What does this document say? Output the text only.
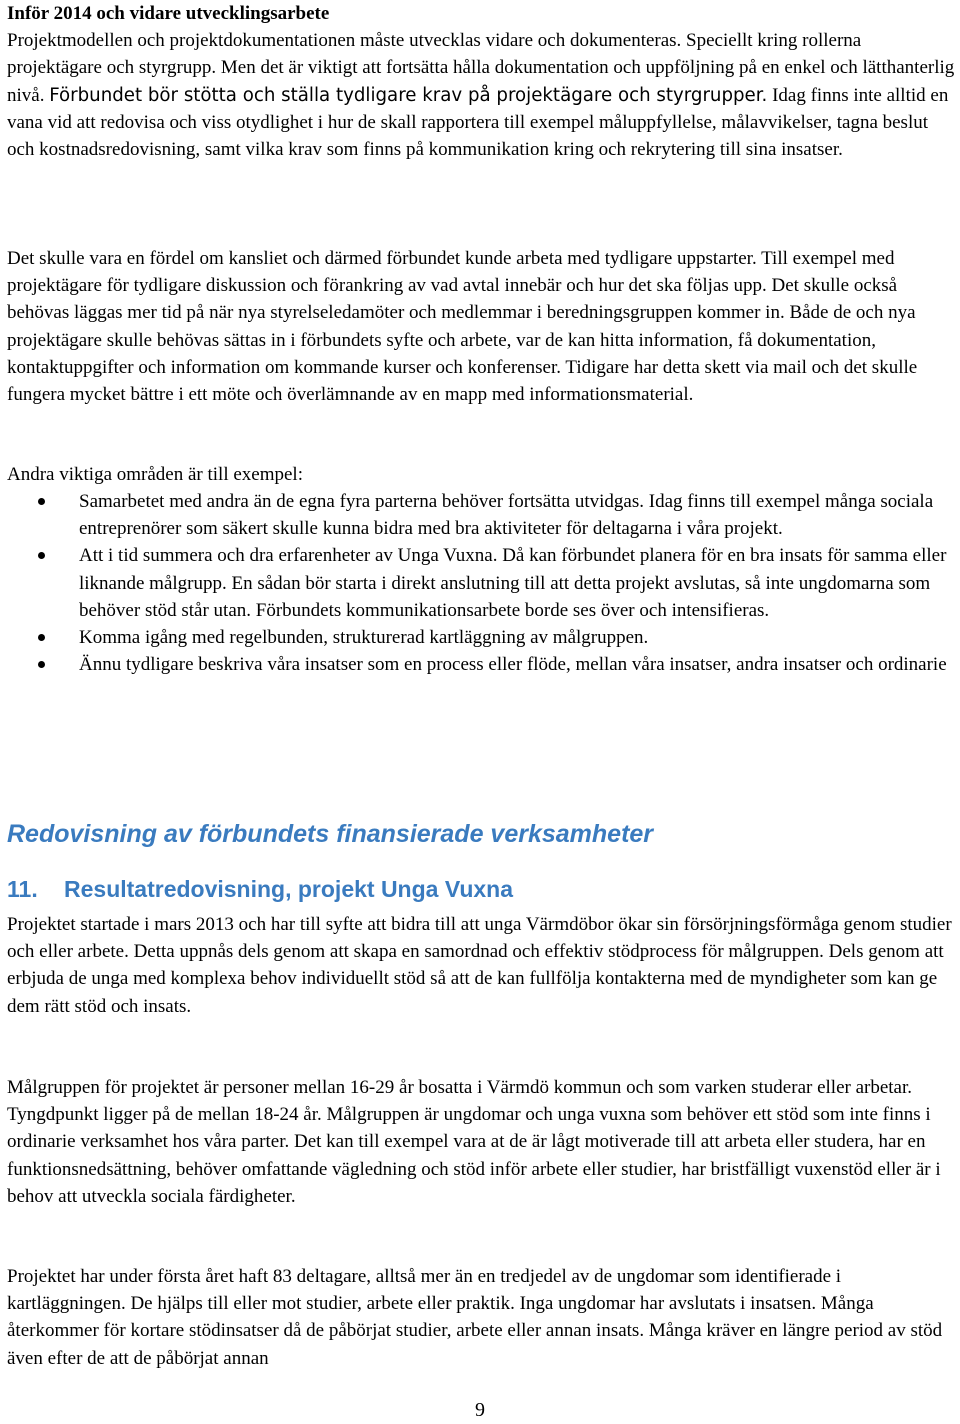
Inför 2014 och vidare utvecklingsarbete
Projektmodellen och projektdokumentationen måste utvecklas vidare och dokumenteras. Speciellt kring rollerna projektägare och styrgrupp. Men det är viktigt att fortsätta hålla dokumentation och uppföljning på en enkel och lätthanterlig nivå. Förbundet bör stötta och ställa tydligare krav på projektägare och styrgrupper. Idag finns inte alltid en vana vid att redovisa och viss otydlighet i hur de skall rapportera till exempel måluppfyllelse, målavvikelser, tagna beslut och kostnadsredovisning, samt vilka krav som finns på kommunikation kring och rekrytering till sina insatser.

Det skulle vara en fördel om kansliet och därmed förbundet kunde arbeta med tydligare uppstarter. Till exempel med projektägare för tydligare diskussion och förankring av vad avtal innebär och hur det ska följas upp. Det skulle också behövas läggas mer tid på när nya styrelseledamöter och medlemmar i beredningsgruppen kommer in. Både de och nya projektägare skulle behövas sättas in i förbundets syfte och arbete, var de kan hitta information, få dokumentation, kontaktuppgifter och information om kommande kurser och konferenser. Tidigare har detta skett via mail och det skulle fungera mycket bättre i ett möte och överlämnande av en mapp med informationsmaterial.

Andra viktiga områden är till exempel:

Samarbetet med andra än de egna fyra parterna behöver fortsätta utvidgas. Idag finns till exempel många sociala entreprenörer som säkert skulle kunna bidra med bra aktiviteter för deltagarna i våra projekt.
Att i tid summera och dra erfarenheter av Unga Vuxna. Då kan förbundet planera för en bra insats för samma eller liknande målgrupp. En sådan bör starta i direkt anslutning till att detta projekt avslutas, så inte ungdomarna som behöver stöd står utan. Förbundets kommunikationsarbete borde ses över och intensifieras.
Komma igång med regelbunden, strukturerad kartläggning av målgruppen.
Ännu tydligare beskriva våra insatser som en process eller flöde, mellan våra insatser, andra insatser och ordinarie
Redovisning av förbundets finansierade verksamheter
11. Resultatredovisning, projekt Unga Vuxna

Projektet startade i mars 2013 och har till syfte att bidra till att unga Värmdöbor ökar sin försörjningsförmåga genom studier och eller arbete. Detta uppnås dels genom att skapa en samordnad och effektiv stödprocess för målgruppen. Dels genom att erbjuda de unga med komplexa behov individuellt stöd så att de kan fullfölja kontakterna med de myndigheter som kan ge dem rätt stöd och insats.

Målgruppen för projektet är personer mellan 16-29 år bosatta i Värmdö kommun och som varken studerar eller arbetar. Tyngdpunkt ligger på de mellan 18-24 år. Målgruppen är ungdomar och unga vuxna som behöver ett stöd som inte finns i ordinarie verksamhet hos våra parter. Det kan till exempel vara at de är lågt motiverade till att arbeta eller studera, har en funktionsnedsättning, behöver omfattande vägledning och stöd inför arbete eller studier, har bristfälligt vuxenstöd eller är i behov att utveckla sociala färdigheter.

Projektet har under första året haft 83 deltagare, alltså mer än en tredjedel av de ungdomar som identifierade i kartläggningen. De hjälps till eller mot studier, arbete eller praktik. Inga ungdomar har avslutats i insatsen. Många återkommer för kortare stödinsatser då de påbörjat studier, arbete eller annan insats. Många kräver en längre period av stöd även efter de att de påbörjat annan

9
